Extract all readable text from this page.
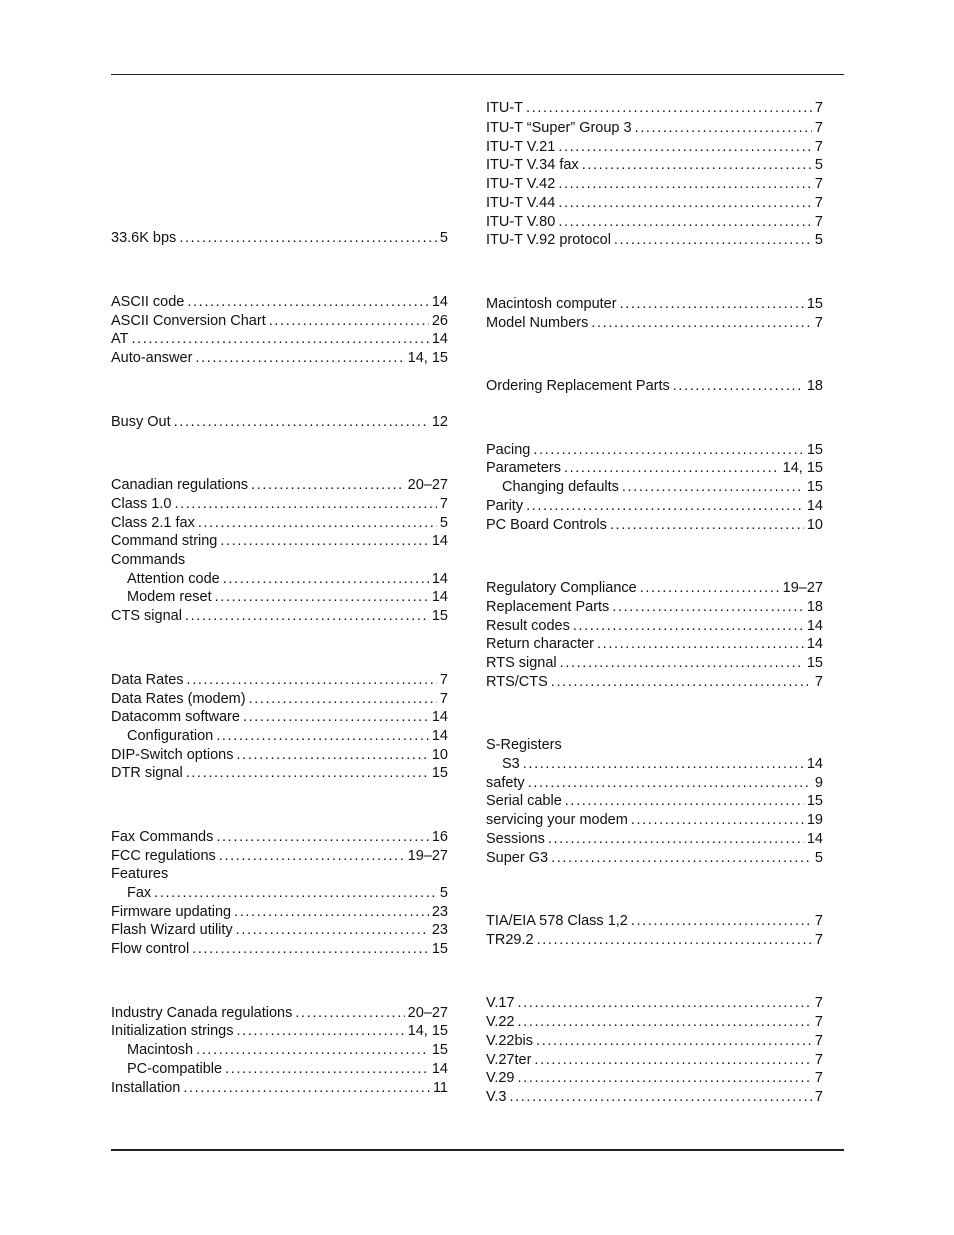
33.6K bps . . .	5
ASCII code . . .	14
ASCII Conversion Chart . . .	26
AT . . .	14
Auto-answer . . .	14, 15
Busy Out . . .	12
Canadian regulations . . .	20–27
Class 1.0 . . .	7
Class 2.1 fax . . .	5
Command string . . .	14
Commands
Attention code . . .	14
Modem reset . . .	14
CTS signal . . .	15
Data Rates . . .	7
Data Rates (modem) . . .	7
Datacomm software . . .	14
Configuration . . .	14
DIP-Switch options . . .	10
DTR signal . . .	15
Fax Commands . . .	16
FCC regulations . . .	19–27
Features
Fax . . .	5
Firmware updating . . .	23
Flash Wizard utility . . .	23
Flow control . . .	15
Industry Canada regulations . . .	20–27
Initialization strings . . .	14, 15
Macintosh . . .	15
PC-compatible . . .	14
Installation . . .	11
ITU-T . . .	7
ITU-T “Super” Group 3 . . .	7
ITU-T V.21 . . .	7
ITU-T V.34 fax . . .	5
ITU-T V.42 . . .	7
ITU-T V.44 . . .	7
ITU-T V.80 . . .	7
ITU-T V.92 protocol . . .	5
Macintosh computer . . .	15
Model Numbers . . .	7
Ordering Replacement Parts . . .	18
Pacing . . .	15
Parameters . . .	14, 15
Changing defaults . . .	15
Parity . . .	14
PC Board Controls . . .	10
Regulatory Compliance . . .	19–27
Replacement Parts . . .	18
Result codes . . .	14
Return character . . .	14
RTS signal . . .	15
RTS/CTS . . .	7
S-Registers
S3 . . .	14
safety . . .	9
Serial cable . . .	15
servicing your modem . . .	19
Sessions . . .	14
Super G3 . . .	5
TIA/EIA 578 Class 1,2 . . .	7
TR29.2 . . .	7
V.17 . . .	7
V.22 . . .	7
V.22bis . . .	7
V.27ter . . .	7
V.29 . . .	7
V.3 . . .	7
